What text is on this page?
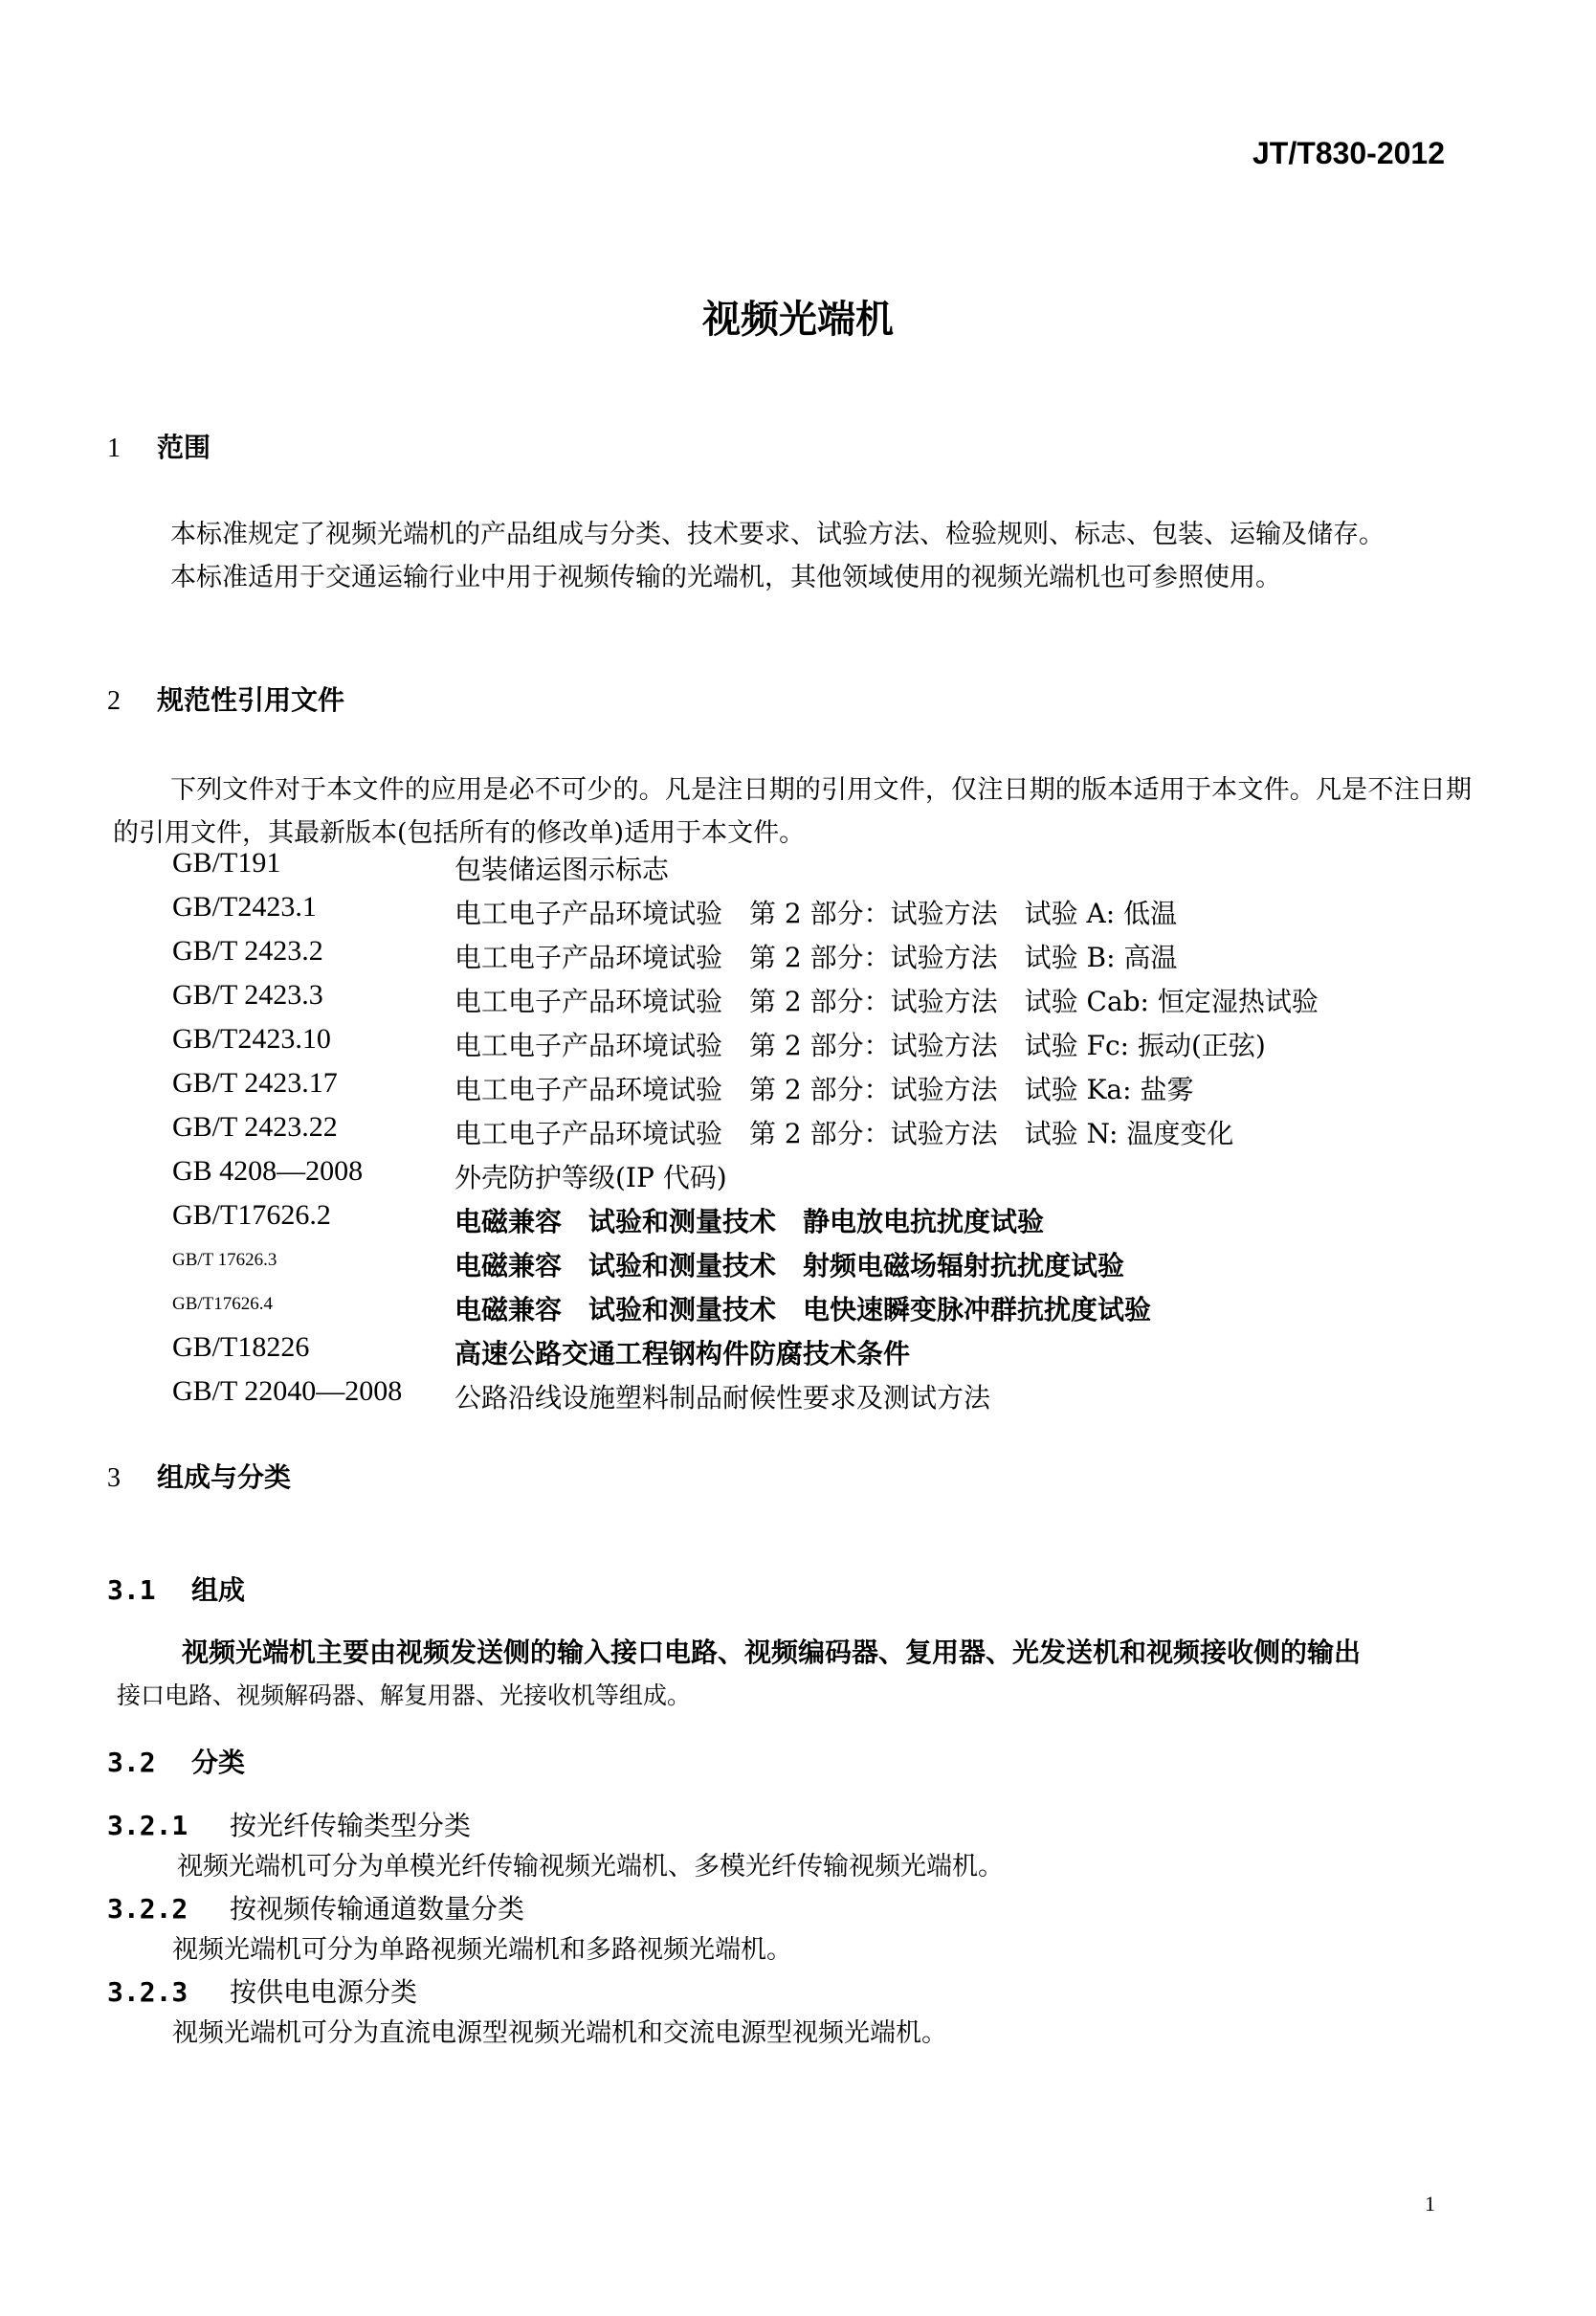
JT/T830-2012
视频光端机
1 范围

本标准规定了视频光端机的产品组成与分类、技术要求、试验方法、检验规则、标志、包装、运输及储存。

本标准适用于交通运输行业中用于视频传输的光端机，其他领域使用的视频光端机也可参照使用。

2 规范性引用文件

下列文件对于本文件的应用是必不可少的。凡是注日期的引用文件，仅注日期的版本适用于本文件。凡是不注日期的引用文件，其最新版本(包括所有的修改单)适用于本文件。

GB/T191	包装储运图示标志
GB/T2423.1	电工电子产品环境试验　第 2 部分：试验方法　试验 A: 低温
GB/T 2423.2	电工电子产品环境试验　第 2 部分：试验方法　试验 B: 高温
GB/T 2423.3	电工电子产品环境试验　第 2 部分：试验方法　试验 Cab: 恒定湿热试验
GB/T2423.10	电工电子产品环境试验　第 2 部分：试验方法　试验 Fc: 振动(正弦)
GB/T 2423.17	电工电子产品环境试验　第 2 部分：试验方法　试验 Ka: 盐雾
GB/T 2423.22	电工电子产品环境试验　第 2 部分：试验方法　试验 N: 温度变化
GB 4208—2008	外壳防护等级(IP 代码)
GB/T17626.2	电磁兼容　试验和测量技术　静电放电抗扰度试验
GB/T 17626.3	电磁兼容　试验和测量技术　射频电磁场辐射抗扰度试验
GB/T17626.4	电磁兼容　试验和测量技术　电快速瞬变脉冲群抗扰度试验
GB/T18226	高速公路交通工程钢构件防腐技术条件
GB/T 22040—2008 公路沿线设施塑料制品耐候性要求及测试方法
3 组成与分类
3.1 组成
视频光端机主要由视频发送侧的输入接口电路、视频编码器、复用器、光发送机和视频接收侧的输出
接口电路、视频解码器、解复用器、光接收机等组成。
3.2 分类
3.2.1 按光纤传输类型分类
视频光端机可分为单模光纤传输视频光端机、多模光纤传输视频光端机。
3.2.2 按视频传输通道数量分类
视频光端机可分为单路视频光端机和多路视频光端机。
3.2.3 按供电电源分类
视频光端机可分为直流电源型视频光端机和交流电源型视频光端机。
1
